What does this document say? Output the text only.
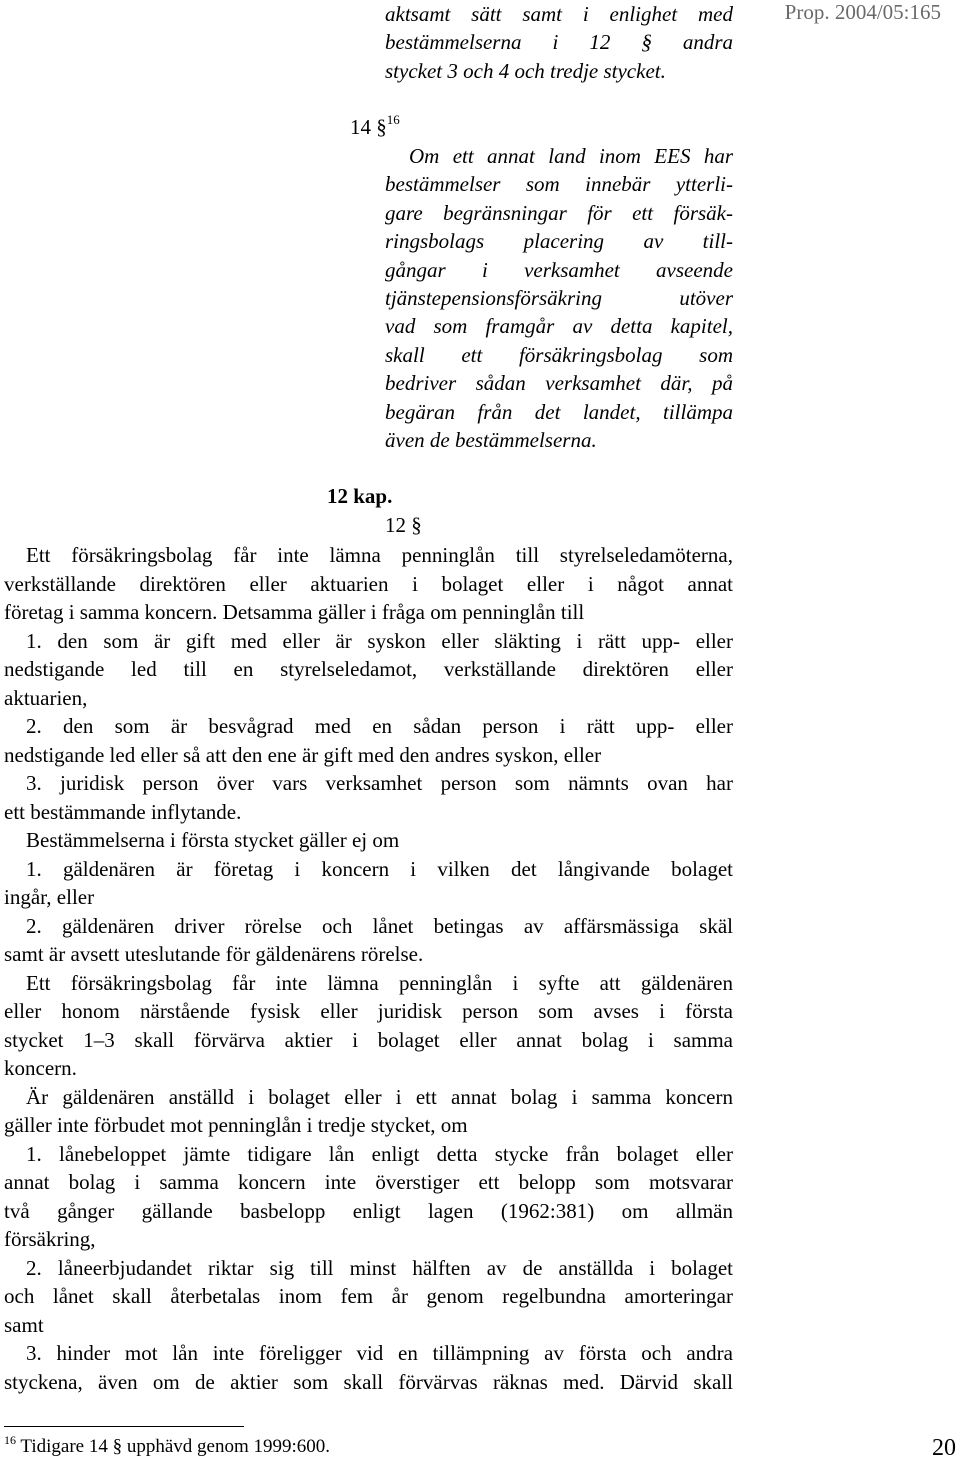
Prop. 2004/05:165
aktsamt sätt samt i enlighet med
bestämmelserna i 12 § andra
stycket 3 och 4 och tredje stycket.
14 §$^{16}$
Om ett annat land inom EES har
bestämmelser som innebär ytterli-
gare begränsningar för ett försäk-
ringsbolags placering av till-
gångar i verksamhet avseende
tjänstepensionsförsäkring utöver
vad som framgår av detta kapitel,
skall ett försäkringsbolag som
bedriver sådan verksamhet där, på
begäran från det landet, tillämpa
även de bestämmelserna.
12 kap.
12 §
Ett försäkringsbolag får inte lämna penninglån till styrelseledamöterna,
verkställande direktören eller aktuarien i bolaget eller i något annat
företag i samma koncern. Detsamma gäller i fråga om penninglån till
1. den som är gift med eller är syskon eller släkting i rätt upp- eller
nedstigande led till en styrelseledamot, verkställande direktören eller
aktuarien,
2. den som är besvågrad med en sådan person i rätt upp- eller
nedstigande led eller så att den ene är gift med den andres syskon, eller
3. juridisk person över vars verksamhet person som nämnts ovan har
ett bestämmande inflytande.
Bestämmelserna i första stycket gäller ej om
1. gäldenären är företag i koncern i vilken det långivande bolaget
ingår, eller
2. gäldenären driver rörelse och lånet betingas av affärsmässiga skäl
samt är avsett uteslutande för gäldenärens rörelse.
Ett försäkringsbolag får inte lämna penninglån i syfte att gäldenären
eller honom närstående fysisk eller juridisk person som avses i första
stycket 1–3 skall förvärva aktier i bolaget eller annat bolag i samma
koncern.
Är gäldenären anställd i bolaget eller i ett annat bolag i samma koncern
gäller inte förbudet mot penninglån i tredje stycket, om
1. lånebeloppet jämte tidigare lån enligt detta stycke från bolaget eller
annat bolag i samma koncern inte överstiger ett belopp som motsvarar
två gånger gällande basbelopp enligt lagen (1962:381) om allmän
försäkring,
2. låneerbjudandet riktar sig till minst hälften av de anställda i bolaget
och lånet skall återbetalas inom fem år genom regelbundna amorteringar
samt
3. hinder mot lån inte föreligger vid en tillämpning av första och andra
styckena, även om de aktier som skall förvärvas räknas med. Därvid skall
$^{16}$ Tidigare 14 § upphävd genom 1999:600.	20
